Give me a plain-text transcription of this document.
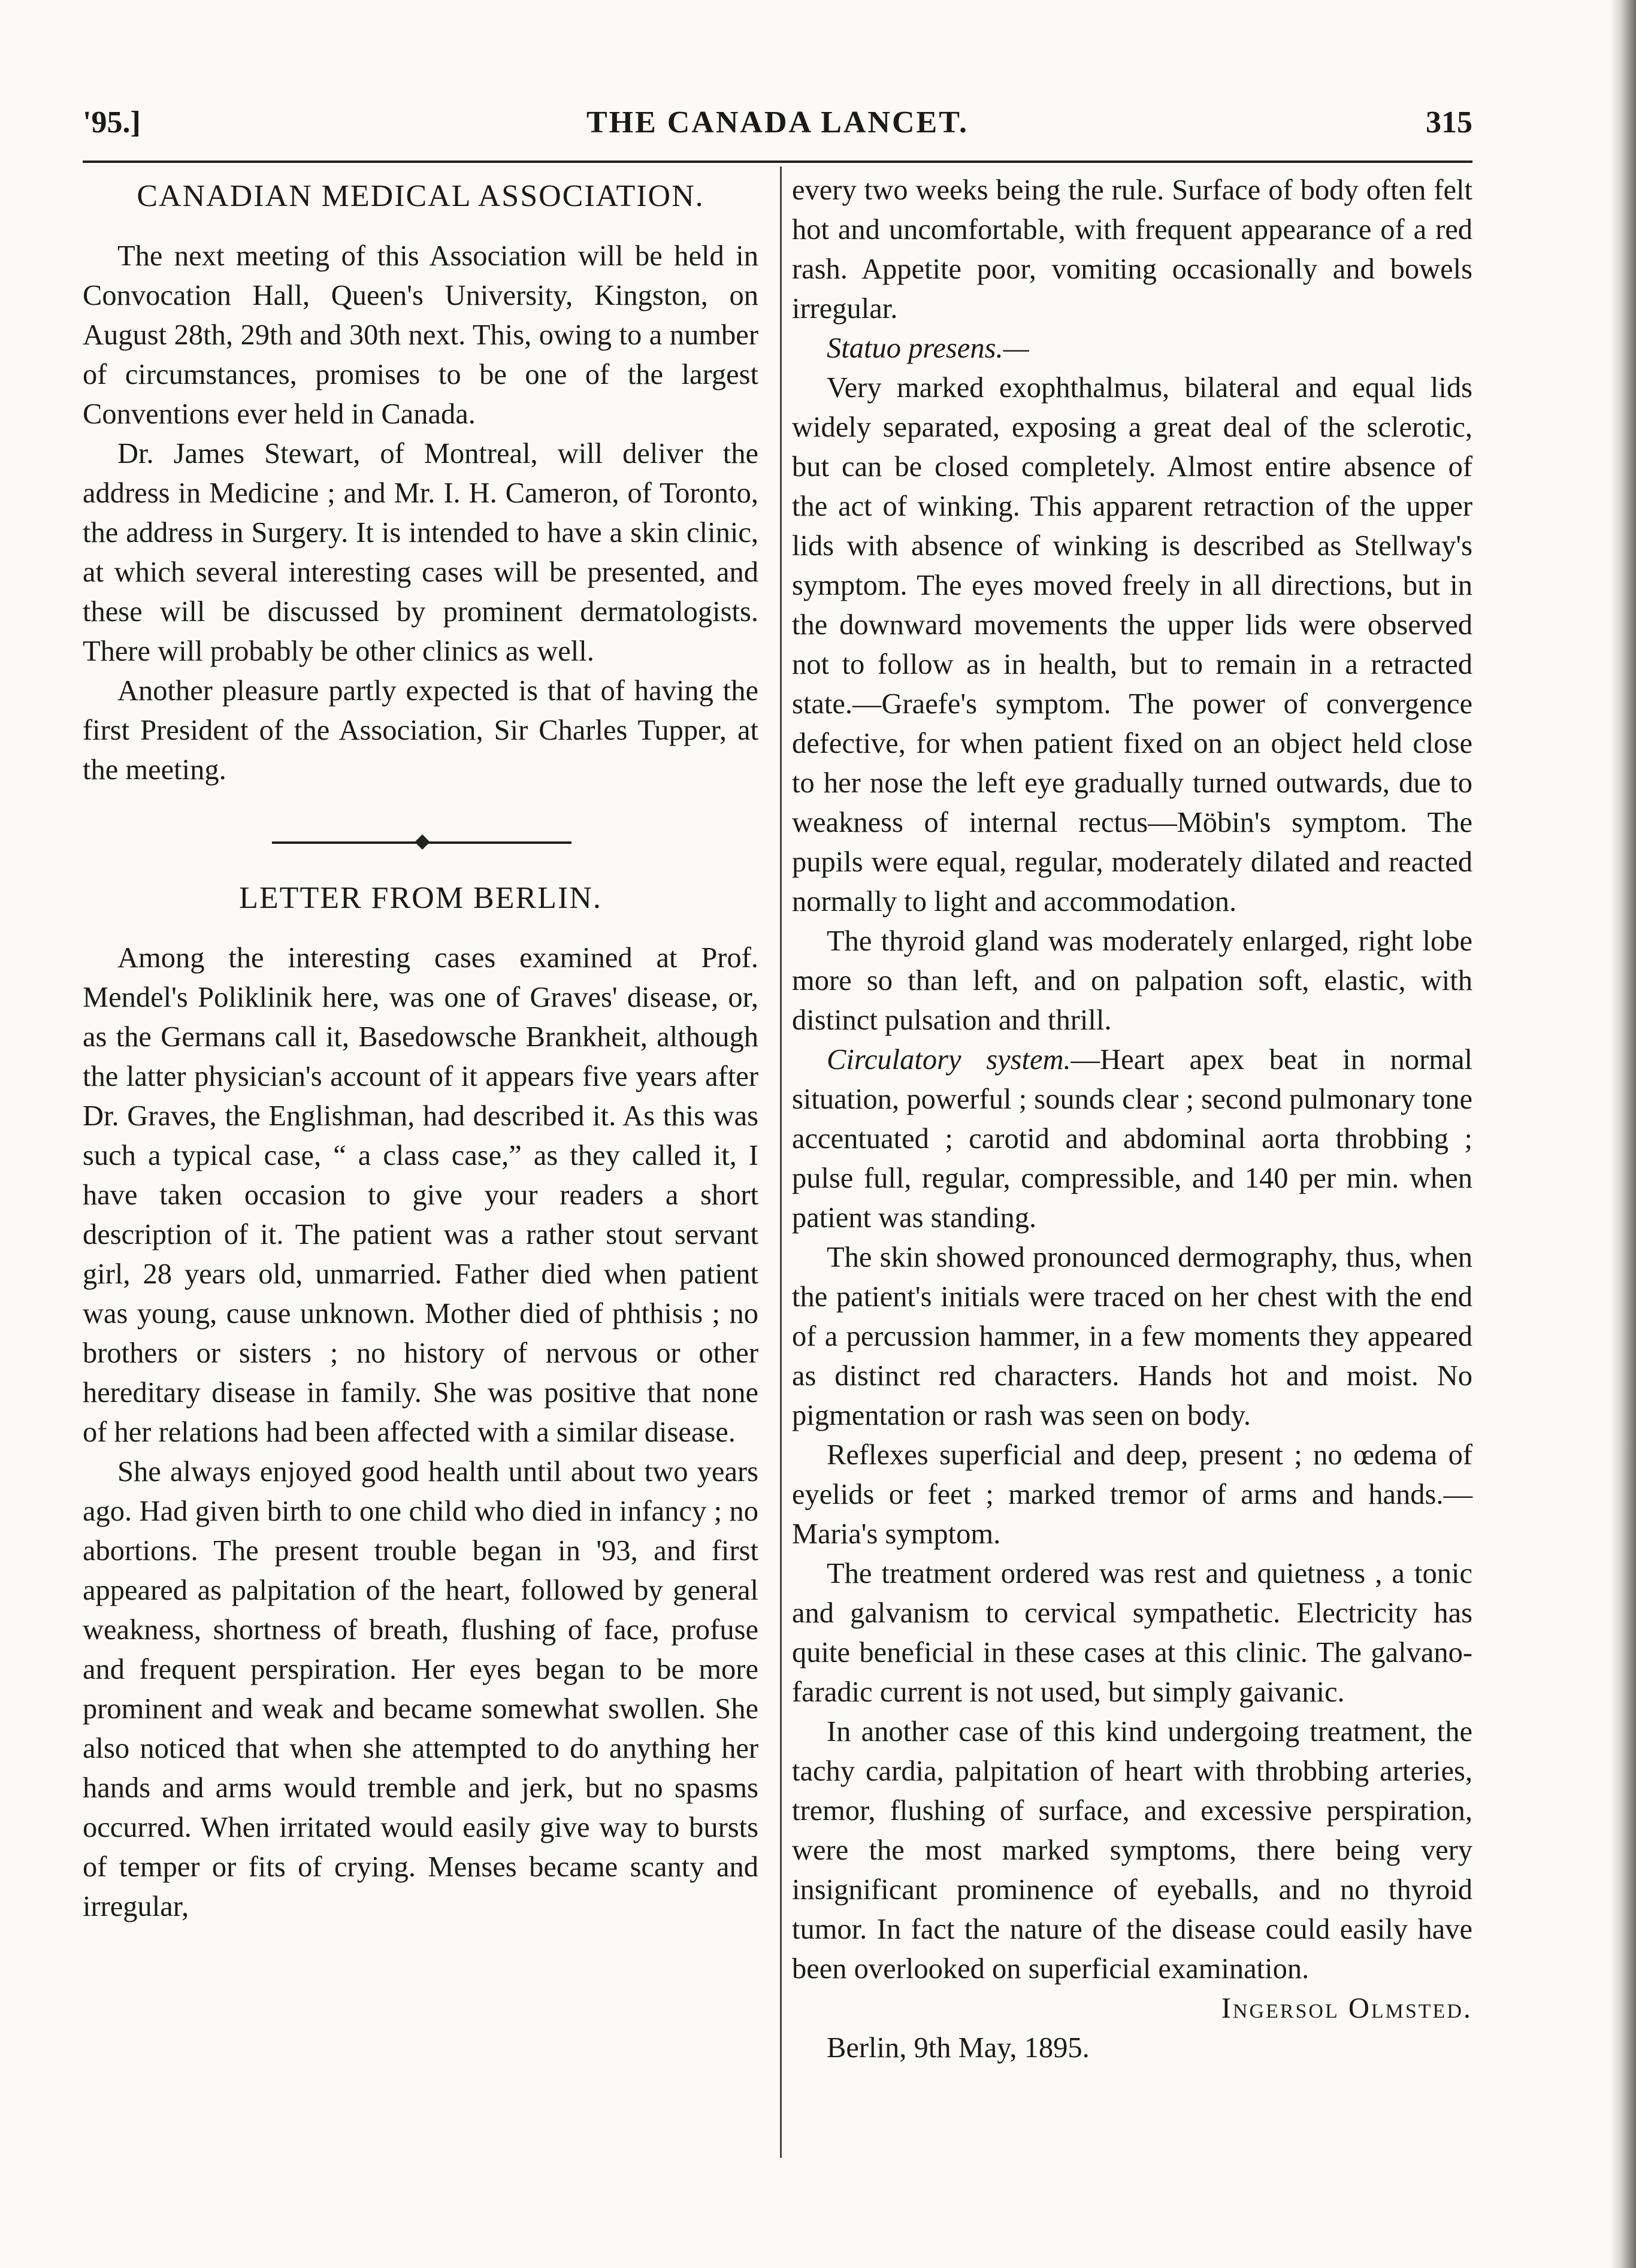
'95.]	THE CANADA LANCET.	315
CANADIAN MEDICAL ASSOCIATION.

The next meeting of this Association will be held in Convocation Hall, Queen's University, Kingston, on August 28th, 29th and 30th next. This, owing to a number of circumstances, promises to be one of the largest Conventions ever held in Canada.

Dr. James Stewart, of Montreal, will deliver the address in Medicine ; and Mr. I. H. Cameron, of Toronto, the address in Surgery. It is intended to have a skin clinic, at which several interesting cases will be presented, and these will be discussed by prominent dermatologists. There will probably be other clinics as well.

Another pleasure partly expected is that of having the first President of the Association, Sir Charles Tupper, at the meeting.

LETTER FROM BERLIN.

Among the interesting cases examined at Prof. Mendel's Poliklinik here, was one of Graves' disease, or, as the Germans call it, Basedowsche Brankheit, although the latter physician's account of it appears five years after Dr. Graves, the Englishman, had described it. As this was such a typical case, “ a class case,” as they called it, I have taken occasion to give your readers a short description of it. The patient was a rather stout servant girl, 28 years old, unmarried. Father died when patient was young, cause unknown. Mother died of phthisis ; no brothers or sisters ; no history of nervous or other hereditary disease in family. She was positive that none of her relations had been affected with a similar disease.

She always enjoyed good health until about two years ago. Had given birth to one child who died in infancy ; no abortions. The present trouble began in '93, and first appeared as palpitation of the heart, followed by general weakness, shortness of breath, flushing of face, profuse and frequent perspiration. Her eyes began to be more prominent and weak and became somewhat swollen. She also noticed that when she attempted to do anything her hands and arms would tremble and jerk, but no spasms occurred. When irritated would easily give way to bursts of temper or fits of crying. Menses became scanty and irregular,

every two weeks being the rule. Surface of body often felt hot and uncomfortable, with frequent appearance of a red rash. Appetite poor, vomiting occasionally and bowels irregular.

Statuo presens.—

Very marked exophthalmus, bilateral and equal lids widely separated, exposing a great deal of the sclerotic, but can be closed completely. Almost entire absence of the act of winking. This apparent retraction of the upper lids with absence of winking is described as Stellway's symptom. The eyes moved freely in all directions, but in the downward movements the upper lids were observed not to follow as in health, but to remain in a retracted state.—Graefe's symptom. The power of convergence defective, for when patient fixed on an object held close to her nose the left eye gradually turned outwards, due to weakness of internal rectus—Möbin's symptom. The pupils were equal, regular, moderately dilated and reacted normally to light and accommodation.

The thyroid gland was moderately enlarged, right lobe more so than left, and on palpation soft, elastic, with distinct pulsation and thrill.

Circulatory system.—Heart apex beat in normal situation, powerful ; sounds clear ; second pulmonary tone accentuated ; carotid and abdominal aorta throbbing ; pulse full, regular, compressible, and 140 per min. when patient was standing.

The skin showed pronounced dermography, thus, when the patient's initials were traced on her chest with the end of a percussion hammer, in a few moments they appeared as distinct red characters. Hands hot and moist. No pigmentation or rash was seen on body.

Reflexes superficial and deep, present ; no œdema of eyelids or feet ; marked tremor of arms and hands.—Maria's symptom.

The treatment ordered was rest and quietness , a tonic and galvanism to cervical sympathetic. Electricity has quite beneficial in these cases at this clinic. The galvano-faradic current is not used, but simply gaivanic.

In another case of this kind undergoing treatment, the tachy cardia, palpitation of heart with throbbing arteries, tremor, flushing of surface, and excessive perspiration, were the most marked symptoms, there being very insignificant prominence of eyeballs, and no thyroid tumor. In fact the nature of the disease could easily have been overlooked on superficial examination.

Ingersol Olmsted.

Berlin, 9th May, 1895.
